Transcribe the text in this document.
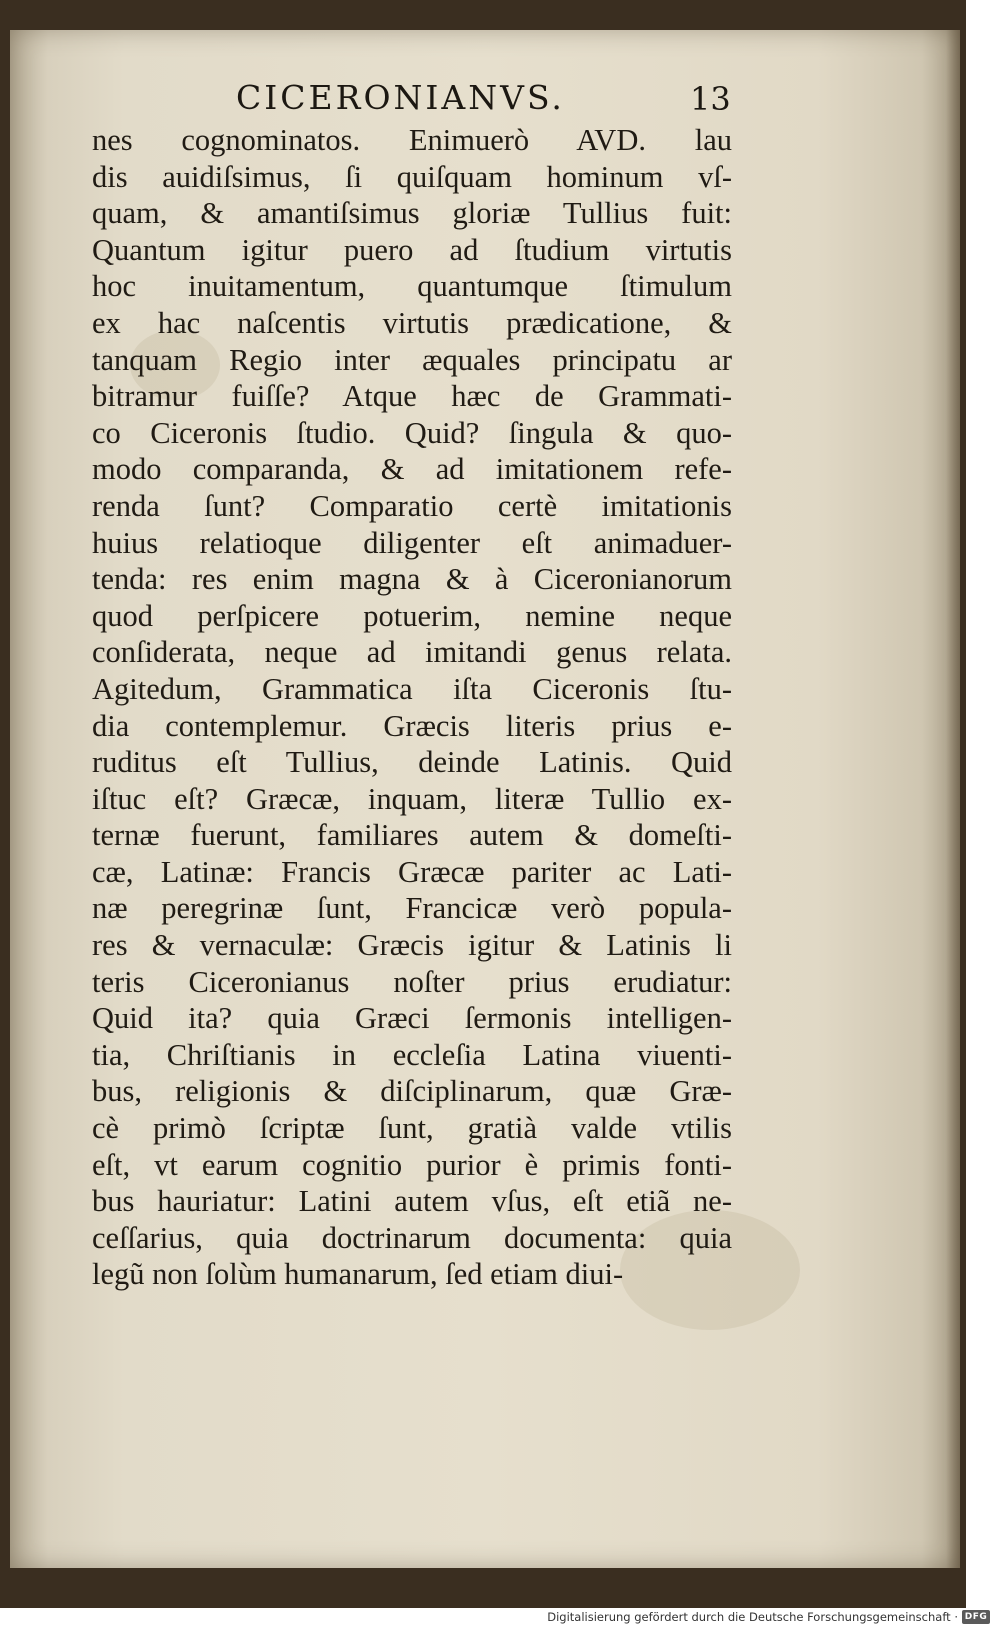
CICERONIANVS.	13
nes cognominatos. Enimuerò AVD. lau
dis auidiſsimus, ſi quiſquam hominum vſ-
quam, & amantiſsimus gloriæ Tullius fuit:
Quantum igitur puero ad ſtudium virtutis
hoc inuitamentum, quantumque ſtimulum
ex hac naſcentis virtutis prædicatione, &
tanquam Regio inter æquales principatu ar
bitramur fuiſſe? Atque hæc de Grammati-
co Ciceronis ſtudio. Quid? ſingula & quo-
modo comparanda, & ad imitationem refe-
renda ſunt? Comparatio certè imitationis
huius relatioque diligenter eſt animaduer-
tenda: res enim magna & à Ciceronianorum
quod perſpicere potuerim, nemine neque
conſiderata, neque ad imitandi genus relata.
Agitedum, Grammatica iſta Ciceronis ſtu-
dia contemplemur. Græcis literis prius e-
ruditus eſt Tullius, deinde Latinis. Quid
iſtuc eſt? Græcæ, inquam, literæ Tullio ex-
ternæ fuerunt, familiares autem & domeſti-
cæ, Latinæ: Francis Græcæ pariter ac Lati-
næ peregrinæ ſunt, Francicæ verò popula-
res & vernaculæ: Græcis igitur & Latinis li
teris Ciceronianus noſter prius erudiatur:
Quid ita? quia Græci ſermonis intelligen-
tia, Chriſtianis in eccleſia Latina viuenti-
bus, religionis & diſciplinarum, quæ Græ-
cè primò ſcriptæ ſunt, gratià valde vtilis
eſt, vt earum cognitio purior è primis fonti-
bus hauriatur: Latini autem vſus, eſt etiã ne-
ceſſarius, quia doctrinarum documenta: quia
legũ non ſolùm humanarum, ſed etiam diui-
Digitalisierung gefördert durch die Deutsche Forschungsgemeinschaft · DFG
